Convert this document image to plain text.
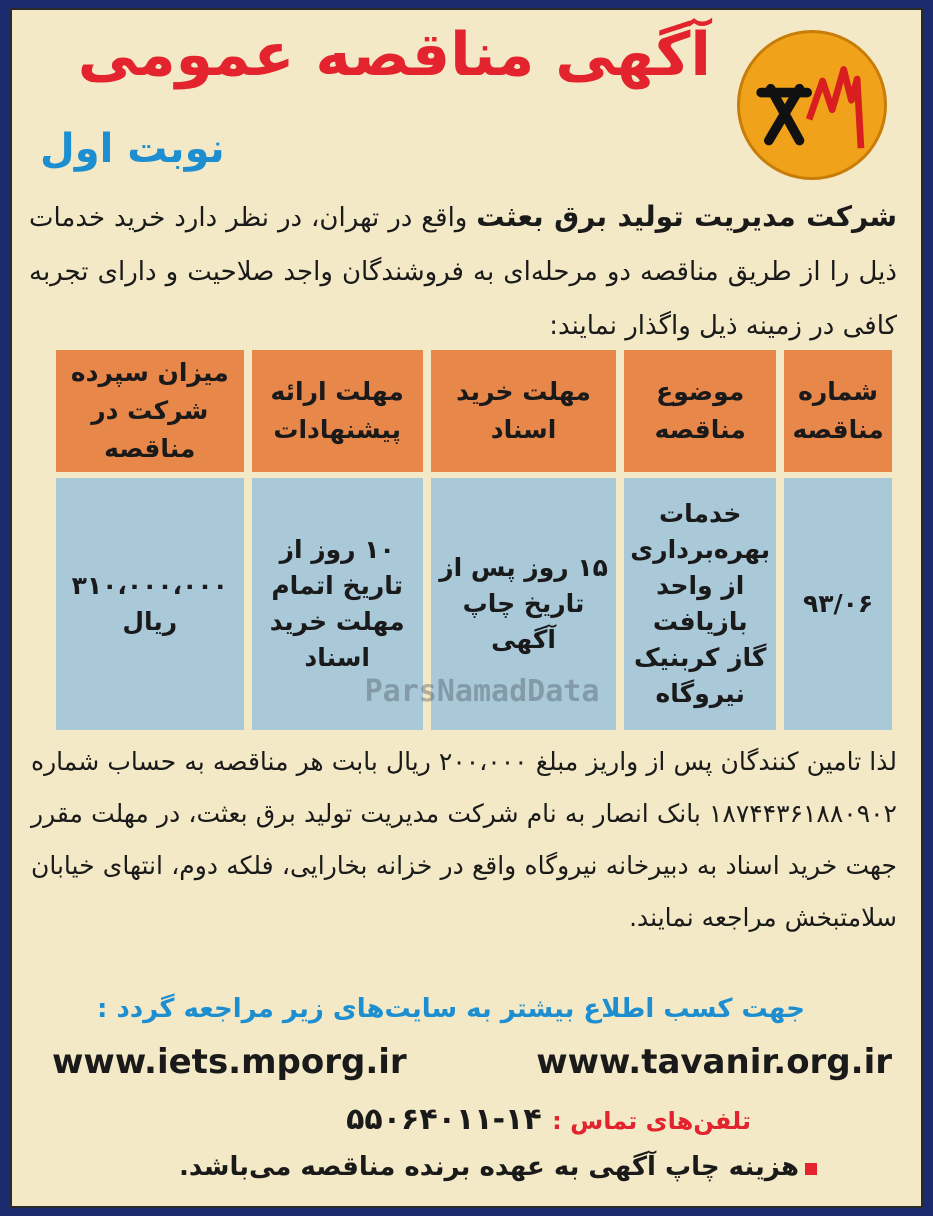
آگهی مناقصه عمومی
نوبت اول
شرکت مدیریت تولید برق بعثت واقع در تهران، در نظر دارد خرید خدمات ذیل را از طریق مناقصه دو مرحله‌ای به فروشندگان واجد صلاحیت و دارای تجربه کافی در زمینه ذیل واگذار نمایند:
شماره مناقصه	موضوع مناقصه	مهلت خرید اسناد	مهلت ارائه پیشنهادات	میزان سپرده شرکت در مناقصه
۹۳/۰۶	خدمات بهره‌برداری از واحد بازیافت گاز کربنیک نیروگاه	۱۵ روز پس از تاریخ چاپ آگهی	۱۰ روز از تاریخ اتمام مهلت خرید اسناد	۳۱۰،۰۰۰،۰۰۰ ریال
ParsNamadData
لذا تامین کنندگان پس از واریز مبلغ ۲۰۰،۰۰۰ ریال بابت هر مناقصه به حساب شماره ۱۸۷۴۴۳۶۱۸۸۰۹۰۲ بانک انصار به نام شرکت مدیریت تولید برق بعثت، در مهلت مقرر جهت خرید اسناد به دبیرخانه نیروگاه واقع در خزانه بخارایی، فلکه دوم، انتهای خیابان سلامتبخش مراجعه نمایند.
جهت کسب اطلاع بیشتر به سایت‌های زیر مراجعه گردد :
www.iets.mporg.ir	www.tavanir.org.ir
تلفن‌های تماس : ۱۴-۵۵۰۶۴۰۱۱
هزینه چاپ آگهی به عهده برنده مناقصه می‌باشد.
